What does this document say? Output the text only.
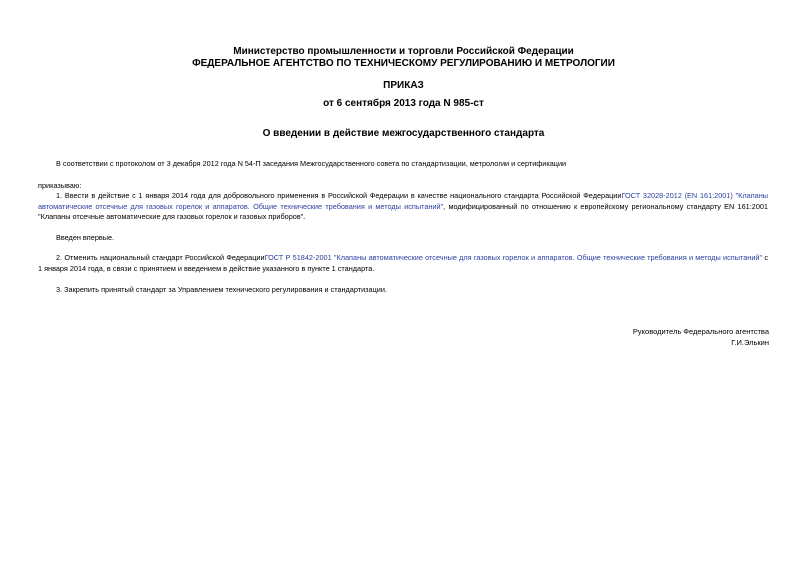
Министерство промышленности и торговли Российской Федерации
ФЕДЕРАЛЬНОЕ АГЕНТСТВО ПО ТЕХНИЧЕСКОМУ РЕГУЛИРОВАНИЮ И МЕТРОЛОГИИ
ПРИКАЗ
от 6 сентября 2013 года N 985-ст
О введении в действие межгосударственного стандарта
В соответствии с протоколом от 3 декабря 2012 года N 54-П заседания Межгосударственного совета по стандартизации, метрологии и сертификации
приказываю:
1. Ввести в действие с 1 января 2014 года для добровольного применения в Российской Федерации в качестве национального стандарта Российской ФедерацииГОСТ 32028-2012 (EN 161:2001) "Клапаны автоматические отсечные для газовых горелок и аппаратов. Общие технические требования и методы испытаний", модифицированный по отношению к европейскому региональному стандарту EN 161:2001 "Клапаны отсечные автоматические для газовых горелок и газовых приборов".
Введен впервые.
2. Отменить национальный стандарт Российской ФедерацииГОСТ Р 51842-2001 "Клапаны автоматические отсечные для газовых горелок и аппаратов. Общие технические требования и методы испытаний" с 1 января 2014 года, в связи с принятием и введением в действие указанного в пункте 1 стандарта.
3. Закрепить принятый стандарт за Управлением технического регулирования и стандартизации.
Руководитель Федерального агентства
Г.И.Элькин
